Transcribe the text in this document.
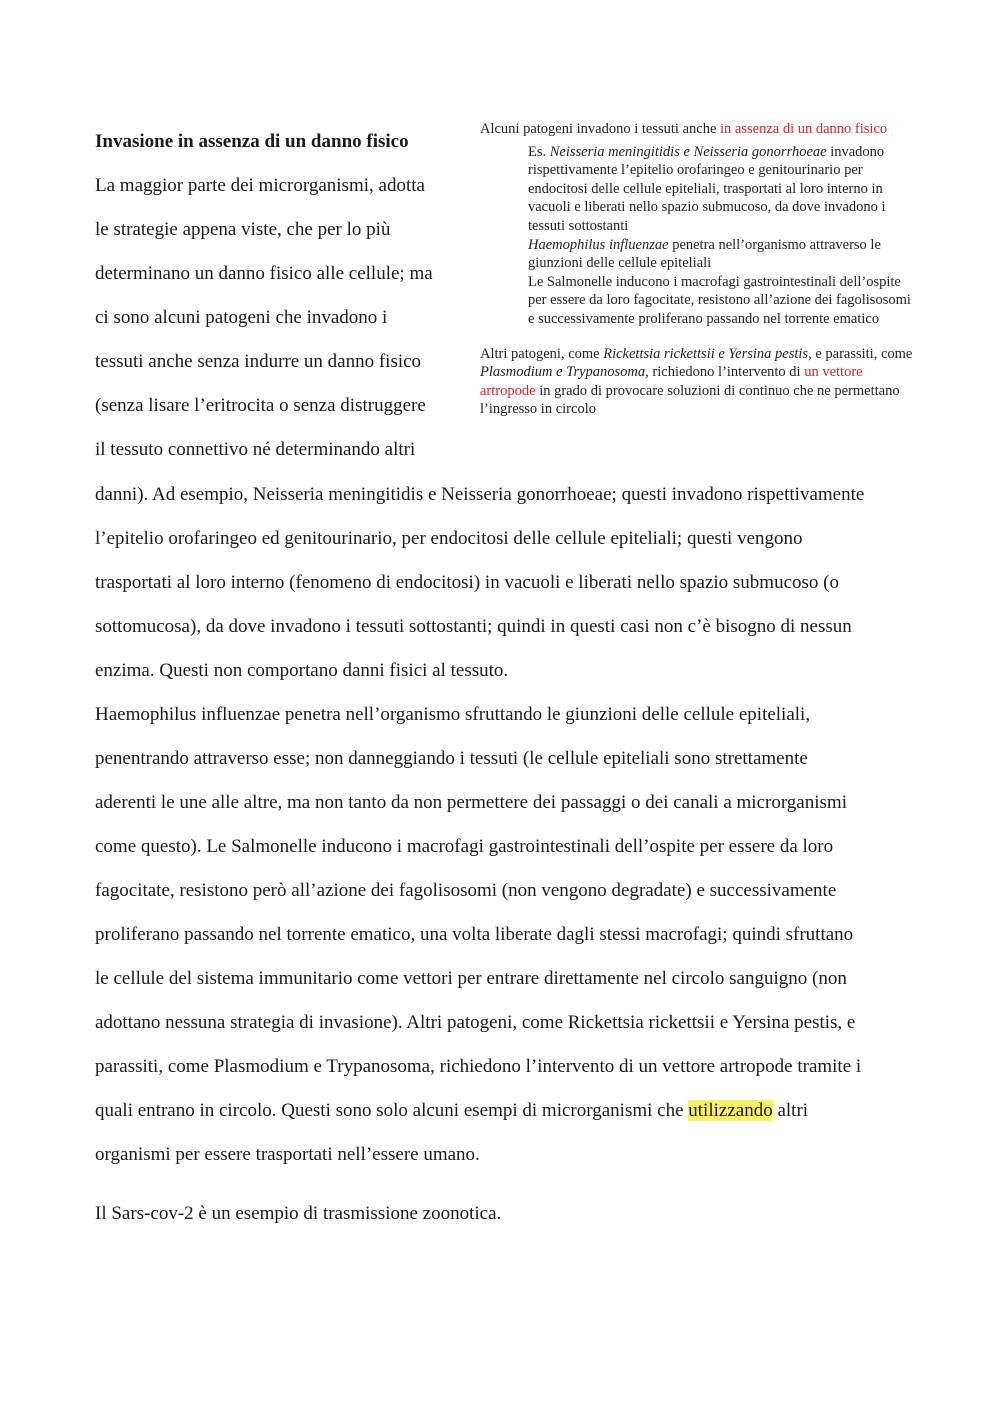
Invasione in assenza di un danno fisico
La maggior parte dei microrganismi, adotta
le strategie appena viste, che per lo più
determinano un danno fisico alle cellule; ma
ci sono alcuni patogeni che invadono i
tessuti anche senza indurre un danno fisico
(senza lisare l’eritrocita o senza distruggere
il tessuto connettivo né determinando altri

Alcuni patogeni invadono i tessuti anche in assenza di un danno fisico

Es. Neisseria meningitidis e Neisseria gonorrhoeae invadono rispettivamente l’epitelio orofaringeo e genitourinario per endocitosi delle cellule epiteliali, trasportati al loro interno in vacuoli e liberati nello spazio submucoso, da dove invadono i tessuti sottostanti

Haemophilus influenzae penetra nell’organismo attraverso le giunzioni delle cellule epiteliali

Le Salmonelle inducono i macrofagi gastrointestinali dell’ospite per essere da loro fagocitate, resistono all’azione dei fagolisosomi e successivamente proliferano passando nel torrente ematico

Altri patogeni, come Rickettsia rickettsii e Yersina pestis, e parassiti, come Plasmodium e Trypanosoma, richiedono l’intervento di un vettore artropode in grado di provocare soluzioni di continuo che ne permettano l’ingresso in circolo

danni). Ad esempio, Neisseria meningitidis e Neisseria gonorrhoeae; questi invadono rispettivamente
l’epitelio orofaringeo ed genitourinario, per endocitosi delle cellule epiteliali; questi vengono
trasportati al loro interno (fenomeno di endocitosi) in vacuoli e liberati nello spazio submucoso (o
sottomucosa), da dove invadono i tessuti sottostanti; quindi in questi casi non c’è bisogno di nessun
enzima. Questi non comportano danni fisici al tessuto.
Haemophilus influenzae penetra nell’organismo sfruttando le giunzioni delle cellule epiteliali,
penentrando attraverso esse; non danneggiando i tessuti (le cellule epiteliali sono strettamente
aderenti le une alle altre, ma non tanto da non permettere dei passaggi o dei canali a microrganismi
come questo). Le Salmonelle inducono i macrofagi gastrointestinali dell’ospite per essere da loro
fagocitate, resistono però all’azione dei fagolisosomi (non vengono degradate) e successivamente
proliferano passando nel torrente ematico, una volta liberate dagli stessi macrofagi; quindi sfruttano
le cellule del sistema immunitario come vettori per entrare direttamente nel circolo sanguigno (non
adottano nessuna strategia di invasione). Altri patogeni, come Rickettsia rickettsii e Yersina pestis, e
parassiti, come Plasmodium e Trypanosoma, richiedono l’intervento di un vettore artropode tramite i
quali entrano in circolo. Questi sono solo alcuni esempi di microrganismi che utilizzando altri
organismi per essere trasportati nell’essere umano.
Il Sars-cov-2 è un esempio di trasmissione zoonotica.
